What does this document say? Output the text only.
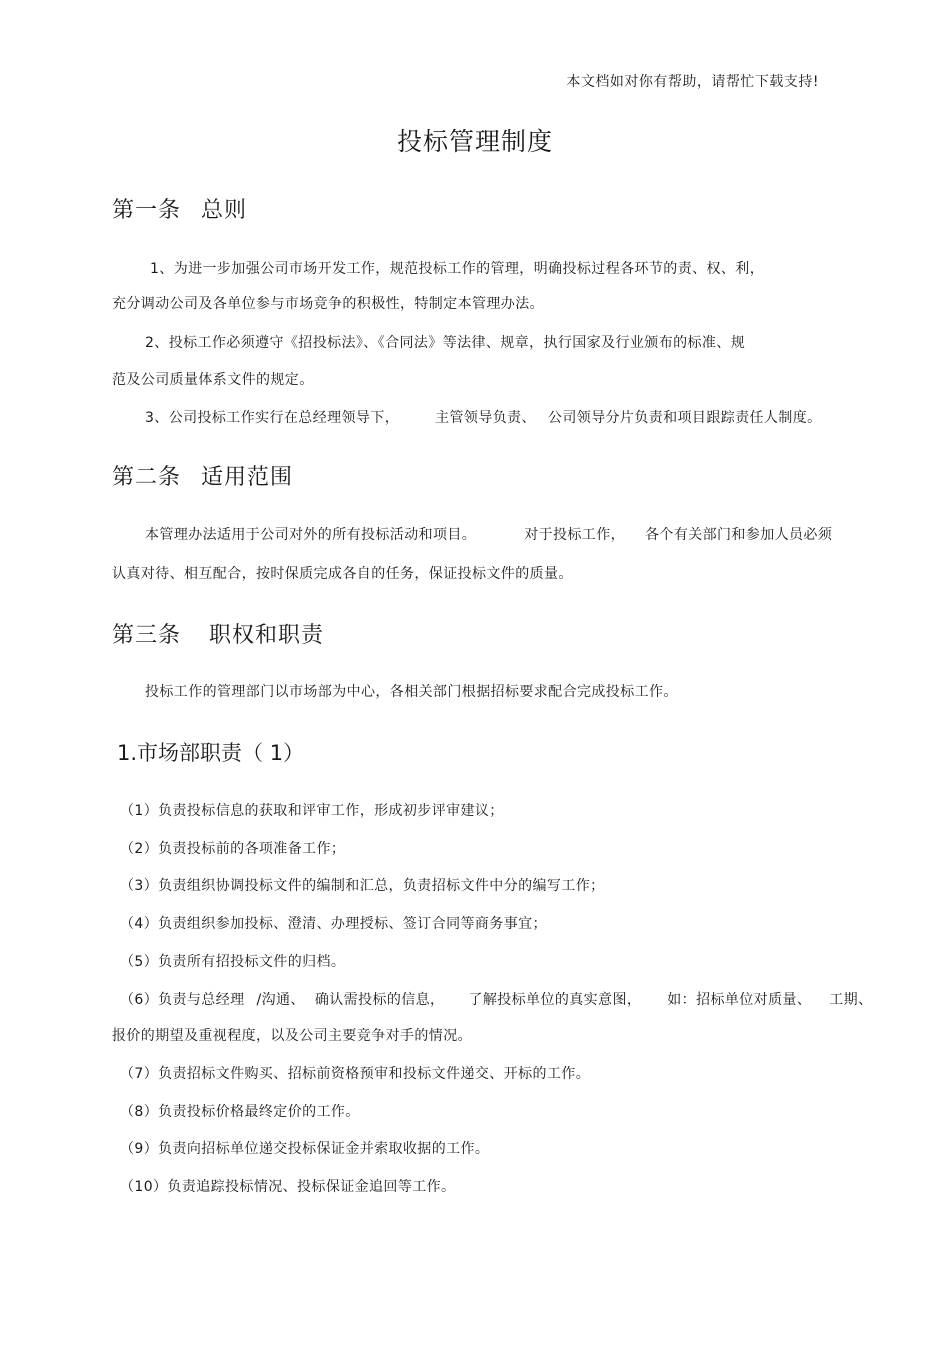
本文档如对你有帮助，请帮忙下载支持!
投标管理制度
第一条 总则
1、为进一步加强公司市场开发工作，规范投标工作的管理，明确投标过程各环节的责、权、利，
充分调动公司及各单位参与市场竞争的积极性，特制定本管理办法。
2、投标工作必须遵守《招投标法》、《合同法》等法律、规章，执行国家及行业颁布的标准、规
范及公司质量体系文件的规定。
3、公司投标工作实行在总经理领导下，	主管领导负责、 公司领导分片负责和项目跟踪责任人制度。
第二条 适用范围
本管理办法适用于公司对外的所有投标活动和项目。	对于投标工作， 各个有关部门和参加人员必须
认真对待、相互配合，按时保质完成各自的任务，保证投标文件的质量。
第三条 职权和职责
投标工作的管理部门以市场部为中心，各相关部门根据招标要求配合完成投标工作。
1.市场部职责（ 1）
（1）负责投标信息的获取和评审工作，形成初步评审建议；
（2）负责投标前的各项准备工作；
（3）负责组织协调投标文件的编制和汇总，负责招标文件中分的编写工作；
（4）负责组织参加投标、澄清、办理授标、签订合同等商务事宜；
（5）负责所有招投标文件的归档。
（6）负责与总经理 /沟通、 确认需投标的信息， 了解投标单位的真实意图， 如：招标单位对质量、 工期、
报价的期望及重视程度，以及公司主要竞争对手的情况。
（7）负责招标文件购买、招标前资格预审和投标文件递交、开标的工作。
（8）负责投标价格最终定价的工作。
（9）负责向招标单位递交投标保证金并索取收据的工作。
（10）负责追踪投标情况、投标保证金追回等工作。
